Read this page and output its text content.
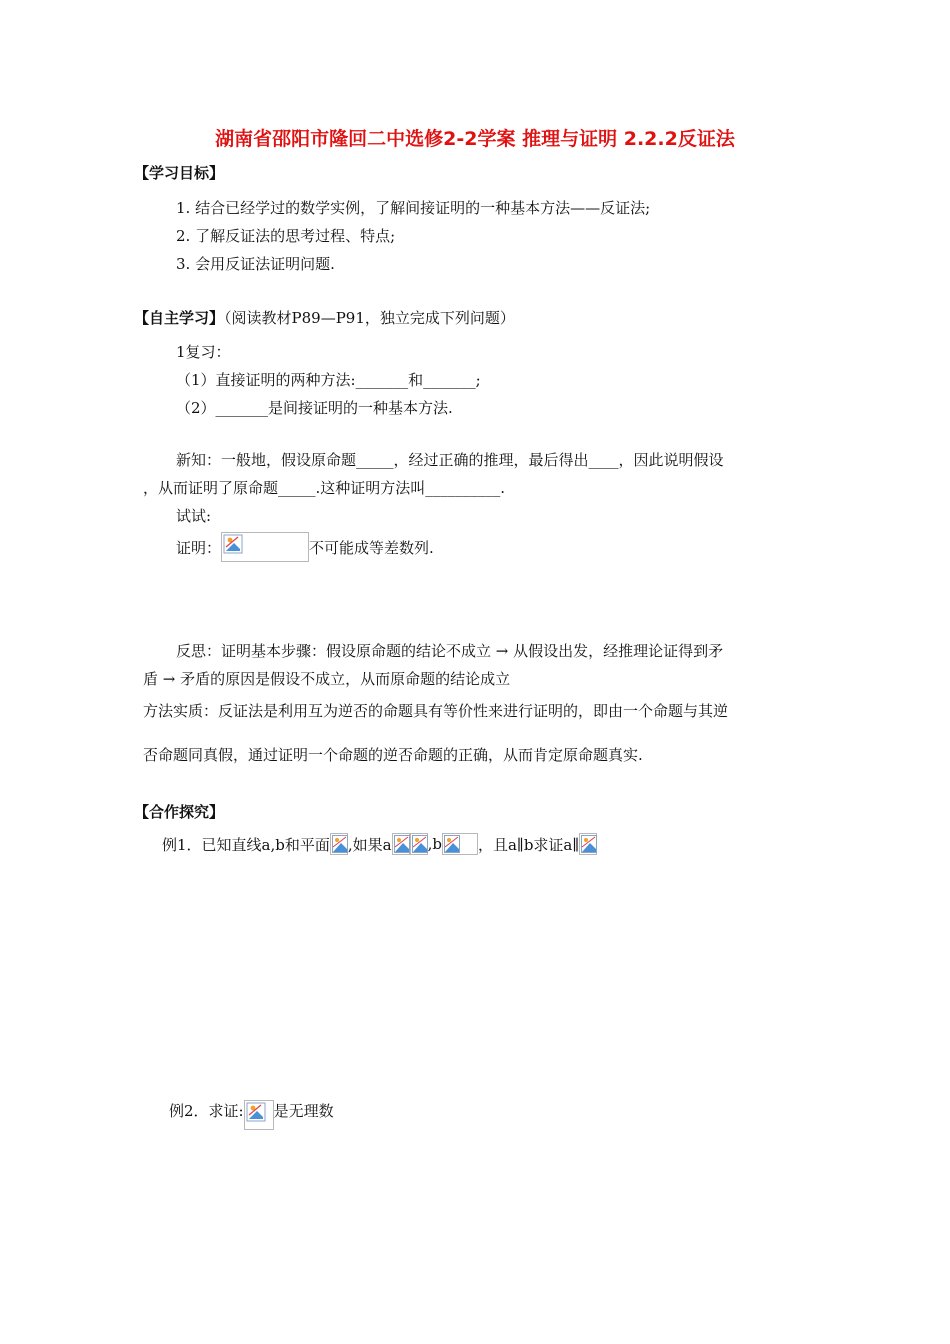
湖南省邵阳市隆回二中选修2-2学案 推理与证明 2.2.2反证法
【学习目标】
1. 结合已经学过的数学实例，了解间接证明的一种基本方法——反证法;
2. 了解反证法的思考过程、特点;
3. 会用反证法证明问题.
【自主学习】（阅读教材P89—P91，独立完成下列问题）
1复习：
（1）直接证明的两种方法:_______和_______;
（2）_______是间接证明的一种基本方法.
新知：一般地，假设原命题_____，经过正确的推理，最后得出____，因此说明假设
，从而证明了原命题_____.这种证明方法叫__________.
试试:
证明：	不可能成等差数列.
反思：证明基本步骤：假设原命题的结论不成立 → 从假设出发，经推理论证得到矛
盾 → 矛盾的原因是假设不成立，从而原命题的结论成立
方法实质：反证法是利用互为逆否的命题具有等价性来进行证明的，即由一个命题与其逆
否命题同真假，通过证明一个命题的逆否命题的正确，从而肯定原命题真实.
【合作探究】
例1．已知直线a,b和平面 ,如果a ,b ，且a∥b求证a∥
例2．求证: 是无理数
